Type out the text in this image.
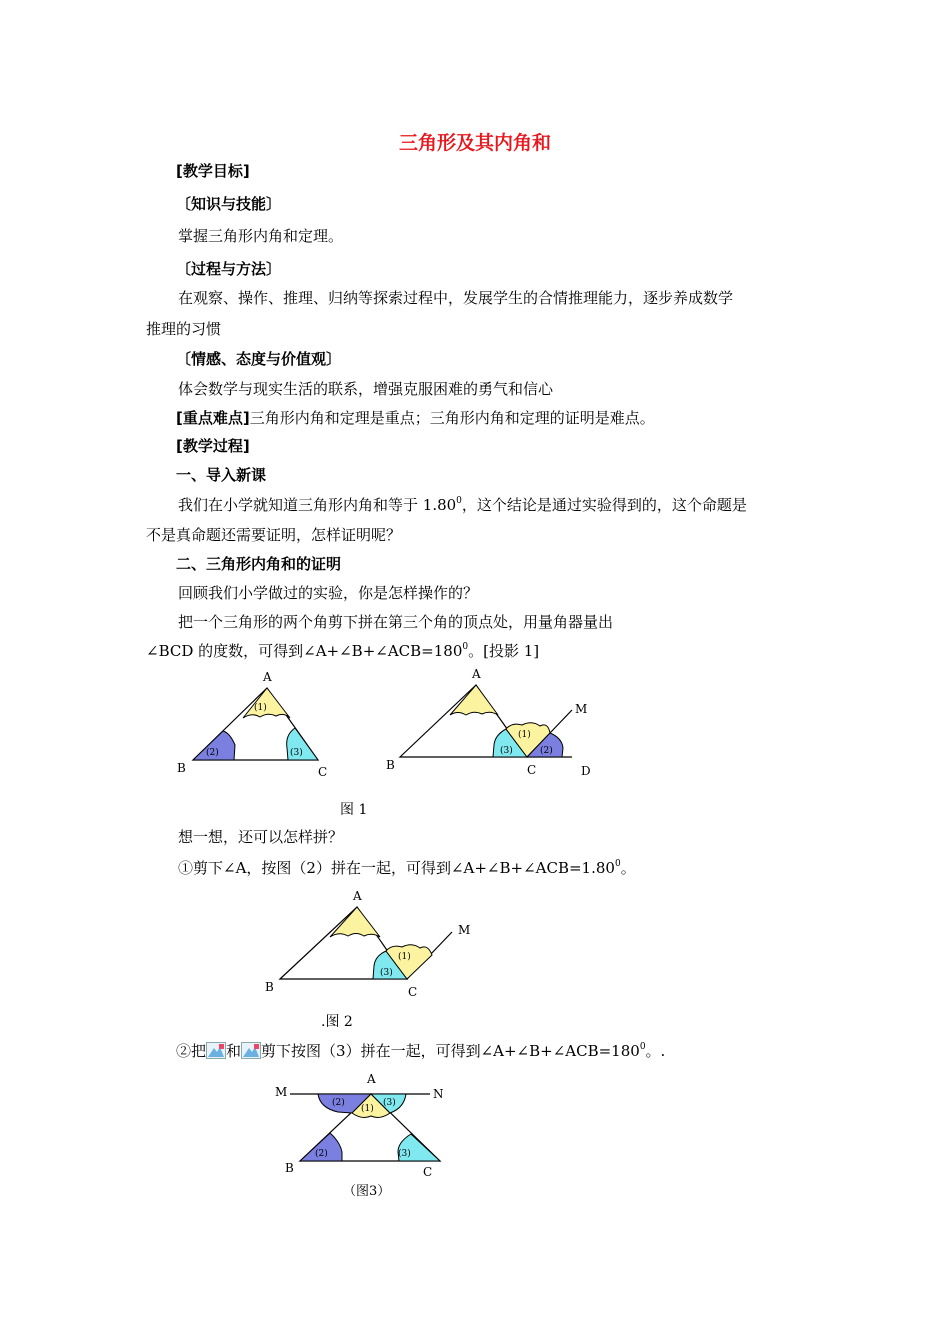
三角形及其内角和
[教学目标]
〔知识与技能〕
掌握三角形内角和定理。
〔过程与方法〕
在观察、操作、推理、归纳等探索过程中，发展学生的合情推理能力，逐步养成数学
推理的习惯
〔情感、态度与价值观〕
体会数学与现实生活的联系，增强克服困难的勇气和信心
[重点难点]三角形内角和定理是重点；三角形内角和定理的证明是难点。
[教学过程]
一、导入新课
我们在小学就知道三角形内角和等于 1.80$^0$，这个结论是通过实验得到的，这个命题是
不是真命题还需要证明，怎样证明呢？
二、三角形内角和的证明
回顾我们小学做过的实验，你是怎样操作的？
把一个三角形的两个角剪下拼在第三个角的顶点处，用量角器量出
∠BCD 的度数，可得到$\angle A+\angle B+\angle ACB=180^0$。[投影 1]
(1)
(2)	(3)
A
B	C
(1)
(3)	(2)
A
B	C	D
M
图 1
想一想，还可以怎样拼？
①剪下∠A，按图（2）拼在一起，可得到$\angle A+\angle B+\angle ACB=1.80^0$。
(1)
(3)
A
B	C
M
.图 2
②把 和 剪下按图（3）拼在一起，可得到$\angle A+\angle B+\angle ACB=180^0$。.
(2)
(1)
(3)
(2)	(3)
A
M	N
B	C
（图3）
